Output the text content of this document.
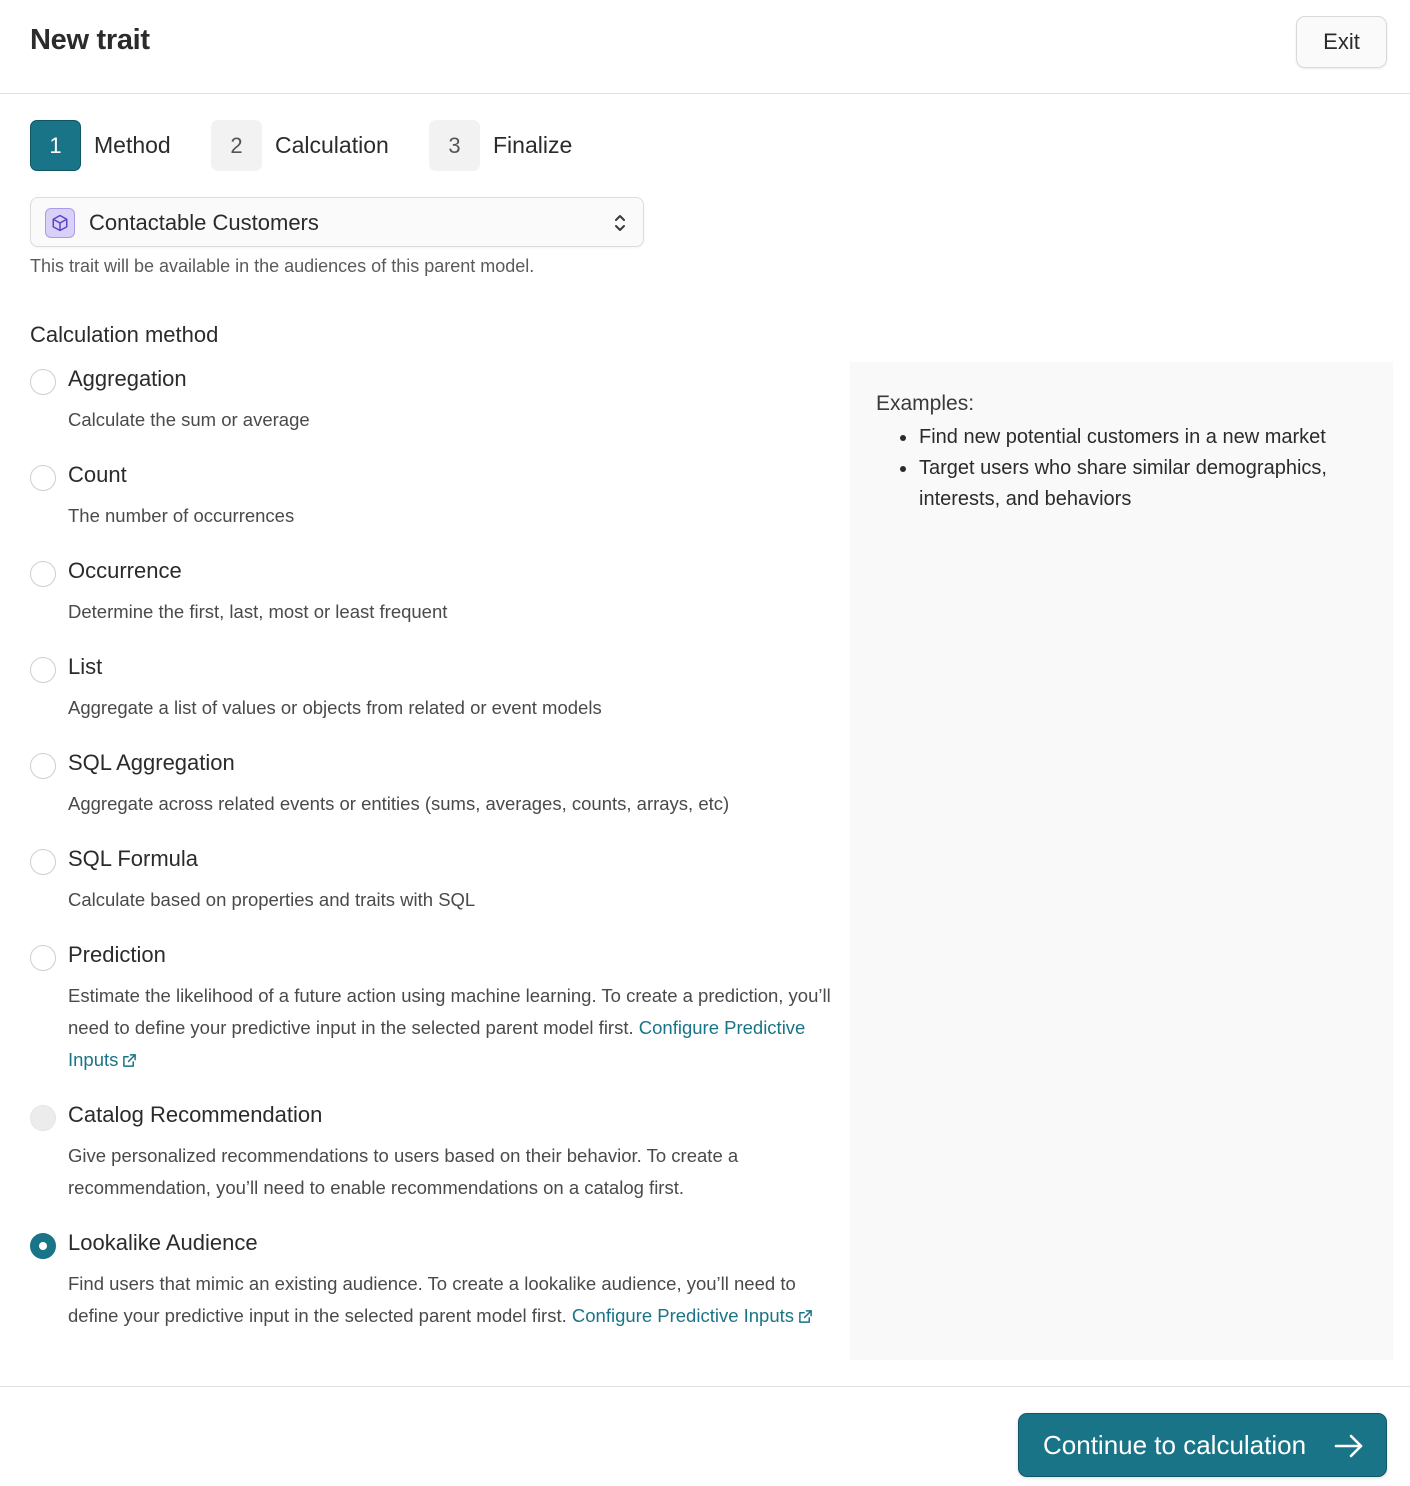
New trait	Exit
1	Method	2	Calculation	3	Finalize
Contactable Customers
This trait will be available in the audiences of this parent model.
Calculation method
Aggregation
Calculate the sum or average
Count
The number of occurrences
Occurrence
Determine the first, last, most or least frequent
List
Aggregate a list of values or objects from related or event models
SQL Aggregation
Aggregate across related events or entities (sums, averages, counts, arrays, etc)
SQL Formula
Calculate based on properties and traits with SQL
Prediction
Estimate the likelihood of a future action using machine learning. To create a prediction, you’ll need to define your predictive input in the selected parent model first. Configure Predictive Inputs
Catalog Recommendation
Give personalized recommendations to users based on their behavior. To create a recommendation, you’ll need to enable recommendations on a catalog first.
Lookalike Audience
Find users that mimic an existing audience. To create a lookalike audience, you’ll need to define your predictive input in the selected parent model first. Configure Predictive Inputs
Examples:
Find new potential customers in a new market
Target users who share similar demographics, interests, and behaviors
Continue to calculation
